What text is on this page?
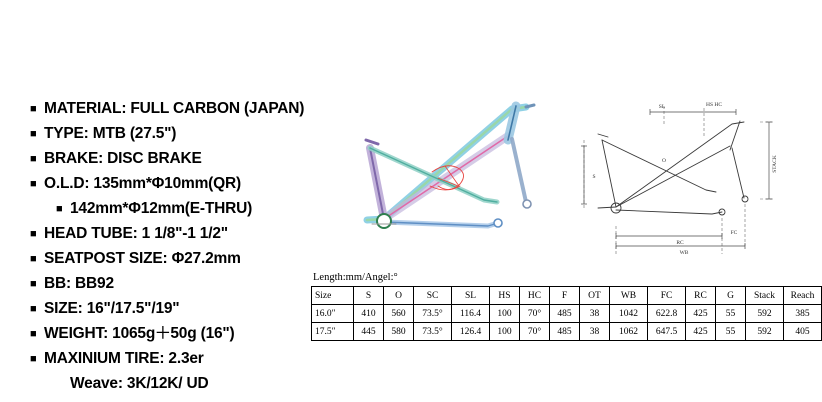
■
MATERIAL: FULL CARBON (JAPAN)
■
TYPE: MTB (27.5")
■
BRAKE: DISC BRAKE
■
O.L.D: 135mm*Φ10mm(QR)
■
142mm*Φ12mm(E-THRU)
■
HEAD TUBE: 1 1/8"-1 1/2"
■
SEATPOST SIZE: Φ27.2mm
■
BB: BB92
■
SIZE: 16"/17.5"/19"
■
WEIGHT: 1065g＋50g (16")
■
MAXINIUM TIRE: 2.3er
Weave: 3K/12K/ UD
SL	HS HC
RC
WB
FC
S
O	STACK
Length:mm/Angel:°
Size	S	O	SC	SL	HS	HC	F	OT	WB	FC	RC	G	Stack	Reach
16.0″	410	560	73.5°	116.4	100	70°	485	38	1042	622.8	425	55	592	385
17.5″	445	580	73.5°	126.4	100	70°	485	38	1062	647.5	425	55	592	405
